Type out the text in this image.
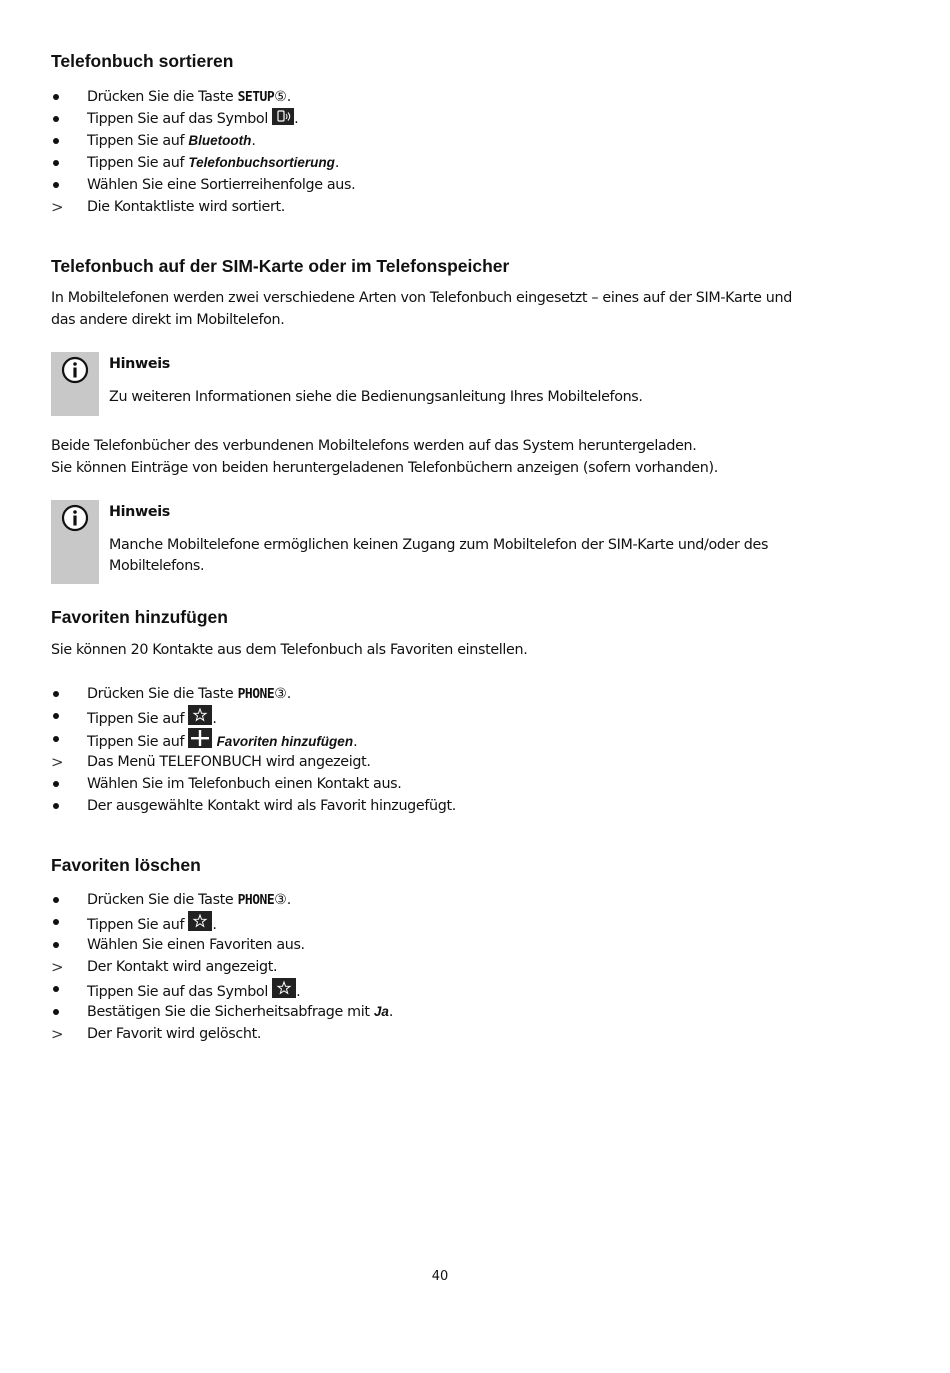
Telefonbuch sortieren
Drücken Sie die Taste SETUP⑤.
Tippen Sie auf das Symbol
.
Tippen Sie auf Bluetooth.
Tippen Sie auf Telefonbuchsortierung.
Wählen Sie eine Sortierreihenfolge aus.
>	Die Kontaktliste wird sortiert.
Telefonbuch auf der SIM-Karte oder im Telefonspeicher
In Mobiltelefonen werden zwei verschiedene Arten von Telefonbuch eingesetzt – eines auf der SIM-Karte und
das andere direkt im Mobiltelefon.
Hinweis
Zu weiteren Informationen siehe die Bedienungsanleitung Ihres Mobiltelefons.
Beide Telefonbücher des verbundenen Mobiltelefons werden auf das System heruntergeladen.
Sie können Einträge von beiden heruntergeladenen Telefonbüchern anzeigen (sofern vorhanden).
Hinweis
Manche Mobiltelefone ermöglichen keinen Zugang zum Mobiltelefon der SIM-Karte und/oder des
Mobiltelefons.
Favoriten hinzufügen
Sie können 20 Kontakte aus dem Telefonbuch als Favoriten einstellen.
Drücken Sie die Taste PHONE③.
Tippen Sie auf
.
Tippen Sie auf
Favoriten hinzufügen.
>	Das Menü TELEFONBUCH wird angezeigt.
Wählen Sie im Telefonbuch einen Kontakt aus.
Der ausgewählte Kontakt wird als Favorit hinzugefügt.
Favoriten löschen
Drücken Sie die Taste PHONE③.
Tippen Sie auf
.
Wählen Sie einen Favoriten aus.
>	Der Kontakt wird angezeigt.
Tippen Sie auf das Symbol
.
Bestätigen Sie die Sicherheitsabfrage mit Ja.
>	Der Favorit wird gelöscht.
40
